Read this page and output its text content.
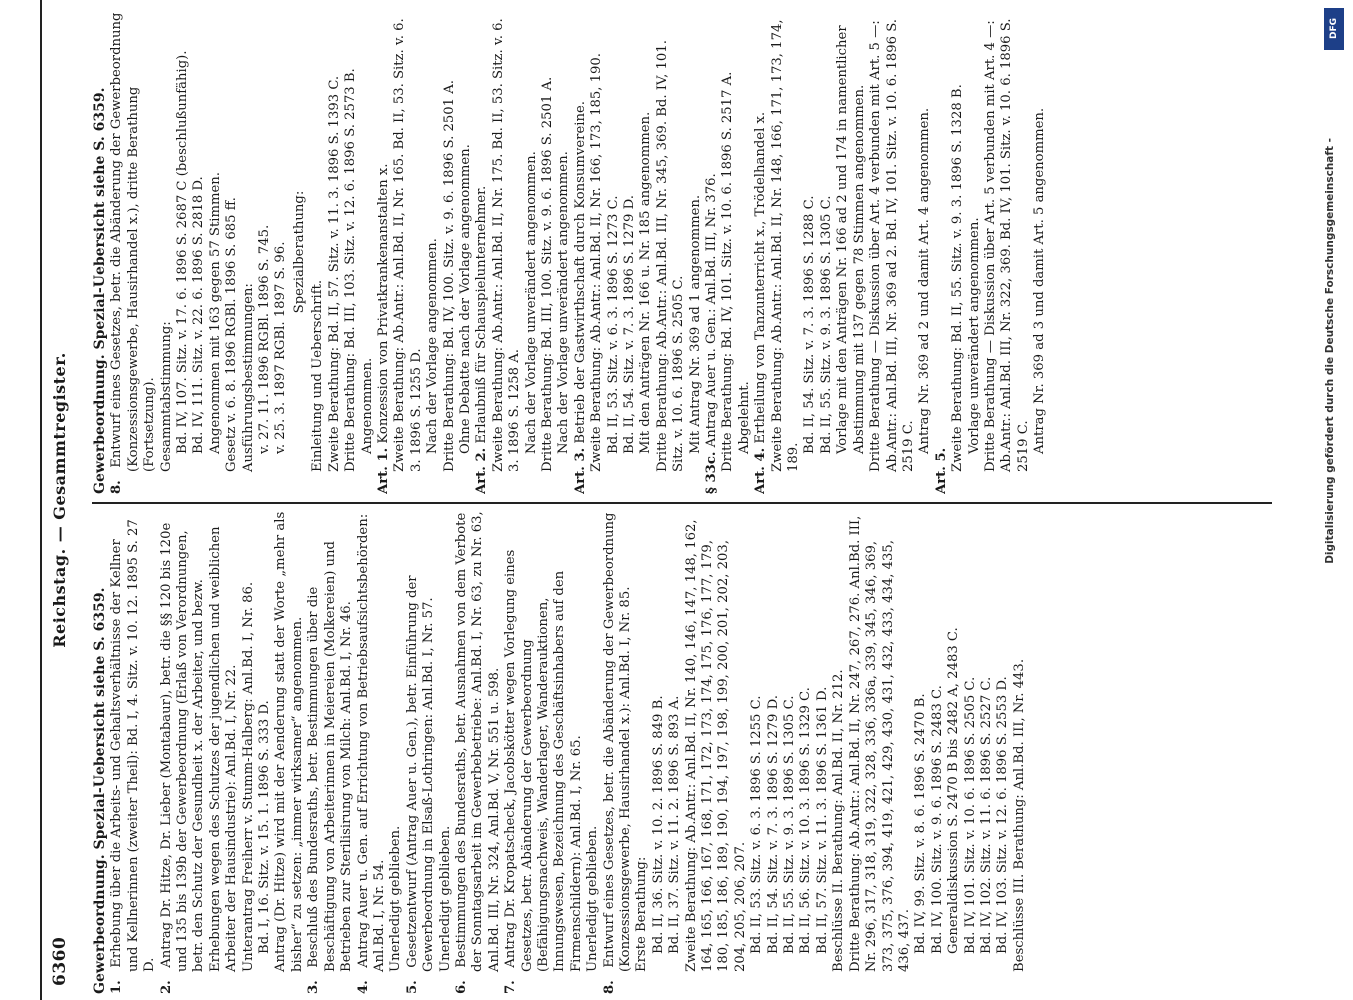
6360
Reichstag. — Gesammtregister.

Gewerbeordnung. Spezial-Uebersicht siehe S. 6359. 1. Erhebung über die Arbeits- und Gehaltsverhältnisse der Kellner und Kellnerinnen (zweiter Theil): Bd. I, 4. Sitz. v. 10. 12. 1895 S. 27 D.

2. Antrag Dr. Hitze, Dr. Lieber (Montabaur), betr. die §§ 120 bis 120e und 135 bis 139b der Gewerbeordnung (Erlaß von Verordnungen, betr. den Schutz der Gesundheit x. der Arbeiter, und bezw. Erhebungen wegen des Schutzes der jugendlichen und weiblichen Arbeiter der Hausindustrie): Anl.Bd. I, Nr. 22. Unterantrag Freiherr v. Stumm-Halberg: Anl.Bd. I, Nr. 86. Bd. I, 16. Sitz. v. 15. 1. 1896 S. 333 D. Antrag (Dr. Hitze) wird mit der Aenderung statt der Worte „mehr als bisher“ zu setzen: „immer wirksamer“ angenommen.

3. Beschluß des Bundesraths, betr. Bestimmungen über die Beschäftigung von Arbeiterinnen in Meiereien (Molkereien) und Betrieben zur Sterilisirung von Milch: Anl.Bd. I, Nr. 46.

4. Antrag Auer u. Gen. auf Errichtung von Betriebsaufsichtsbehörden: Anl.Bd. I, Nr. 54. Unerledigt geblieben.

5. Gesetzentwurf (Antrag Auer u. Gen.), betr. Einführung der Gewerbeordnung in Elsaß-Lothringen: Anl.Bd. I, Nr. 57. Unerledigt geblieben.

6. Bestimmungen des Bundesraths, betr. Ausnahmen von dem Verbote der Sonntagsarbeit im Gewerbebetriebe: Anl.Bd. I, Nr. 63, zu Nr. 63, Anl.Bd. III, Nr. 324, Anl.Bd. V, Nr. 551 u. 598.

7. Antrag Dr. Kropatscheck, Jacobskötter wegen Vorlegung eines Gesetzes, betr. Abänderung der Gewerbeordnung (Befähigungsnachweis, Wanderlager, Wanderauktionen, Innungswesen, Bezeichnung des Geschäftsinhabers auf den Firmenschildern): Anl.Bd. I, Nr. 65. Unerledigt geblieben.

8. Entwurf eines Gesetzes, betr. die Abänderung der Gewerbeordnung (Konzessionsgewerbe, Hausirhandel x.): Anl.Bd. I, Nr. 85. Erste Berathung: Bd. II, 36. Sitz. v. 10. 2. 1896 S. 849 B. Bd. II, 37. Sitz. v. 11. 2. 1896 S. 893 A. Zweite Berathung: Ab.Antr.: Anl.Bd. II, Nr. 140, 146, 147, 148, 162, 164, 165, 166, 167, 168, 171, 172, 173, 174, 175, 176, 177, 179, 180, 185, 186, 189, 190, 194, 197, 198, 199, 200, 201, 202, 203, 204, 205, 206, 207. Bd. II, 53. Sitz. v. 6. 3. 1896 S. 1255 C. Bd. II, 54. Sitz. v. 7. 3. 1896 S. 1279 D. Bd. II, 55. Sitz. v. 9. 3. 1896 S. 1305 C. Bd. II, 56. Sitz. v. 10. 3. 1896 S. 1329 C. Bd. II, 57. Sitz. v. 11. 3. 1896 S. 1361 D. Beschlüsse II. Berathung: Anl.Bd. II, Nr. 212. Dritte Berathung: Ab.Antr.: Anl.Bd. II, Nr. 247, 267, 276. Anl.Bd. III, Nr. 296, 317, 318, 319, 322, 328, 336, 336a, 339, 345, 346, 369, 373, 375, 376, 394, 419, 421, 429, 430, 431, 432, 433, 434, 435, 436, 437. Bd. IV, 99. Sitz. v. 8. 6. 1896 S. 2470 B. Bd. IV, 100. Sitz. v. 9. 6. 1896 S. 2483 C. Generaldiskussion S. 2470 B bis 2482 A, 2483 C. Bd. IV, 101. Sitz. v. 10. 6. 1896 S. 2505 C. Bd. IV, 102. Sitz. v. 11. 6. 1896 S. 2527 C. Bd. IV, 103. Sitz. v. 12. 6. 1896 S. 2553 D. Beschlüsse III. Berathung: Anl.Bd. III, Nr. 443.

Gewerbeordnung. Spezial-Uebersicht siehe S. 6359. 8. Entwurf eines Gesetzes, betr. die Abänderung der Gewerbeordnung (Konzessionsgewerbe, Hausirhandel x.), dritte Berathung (Fortsetzung). Gesammtabstimmung: Bd. IV, 107. Sitz. v. 17. 6. 1896 S. 2687 C (beschlußunfähig). Bd. IV, 111. Sitz. v. 22. 6. 1896 S. 2818 D. Angenommen mit 163 gegen 57 Stimmen. Gesetz v. 6. 8. 1896 RGBl. 1896 S. 685 ff. Ausführungsbestimmungen: v. 27. 11. 1896 RGBl. 1896 S. 745. v. 25. 3. 1897 RGBl. 1897 S. 96. Spezialberathung:

Einleitung und Ueberschrift. Zweite Berathung: Bd. II, 57. Sitz. v. 11. 3. 1896 S. 1393 C. Dritte Berathung: Bd. III, 103. Sitz. v. 12. 6. 1896 S. 2573 B. Angenommen.

Art. 1. Konzession von Privatkrankenanstalten x. Zweite Berathung: Ab.Antr.: Anl.Bd. II, Nr. 165. Bd. II, 53. Sitz. v. 6. 3. 1896 S. 1255 D. Nach der Vorlage angenommen. Dritte Berathung: Bd. IV, 100. Sitz. v. 9. 6. 1896 S. 2501 A. Ohne Debatte nach der Vorlage angenommen.

Art. 2. Erlaubniß für Schauspielunternehmer. Zweite Berathung: Ab.Antr.: Anl.Bd. II, Nr. 175. Bd. II, 53. Sitz. v. 6. 3. 1896 S. 1258 A. Nach der Vorlage unverändert angenommen. Dritte Berathung: Bd. III, 100. Sitz. v. 9. 6. 1896 S. 2501 A. Nach der Vorlage unverändert angenommen.

Art. 3. Betrieb der Gastwirthschaft durch Konsumvereine. Zweite Berathung: Ab.Antr.: Anl.Bd. II, Nr. 166, 173, 185, 190. Bd. II, 53. Sitz. v. 6. 3. 1896 S. 1273 C. Bd. II, 54. Sitz. v. 7. 3. 1896 S. 1279 D. Mit den Anträgen Nr. 166 u. Nr. 185 angenommen. Dritte Berathung: Ab.Antr.: Anl.Bd. III, Nr. 345, 369. Bd. IV, 101. Sitz. v. 10. 6. 1896 S. 2505 C. Mit Antrag Nr. 369 ad 1 angenommen.

§ 33c. Antrag Auer u. Gen.: Anl.Bd. III, Nr. 376. Dritte Berathung: Bd. IV, 101. Sitz. v. 10. 6. 1896 S. 2517 A. Abgelehnt.

Art. 4. Ertheilung von Tanzunterricht x., Trödelhandel x. Zweite Berathung: Ab.Antr.: Anl.Bd. II, Nr. 148, 166, 171, 173, 174, 189.

Bd. II, 54. Sitz. v. 7. 3. 1896 S. 1288 C. Bd. II, 55. Sitz. v. 9. 3. 1896 S. 1305 C. Vorlage mit den Anträgen Nr. 166 ad 2 und 174 in namentlicher Abstimmung mit 137 gegen 78 Stimmen angenommen. Dritte Berathung — Diskussion über Art. 4 verbunden mit Art. 5 —: Ab.Antr.: Anl.Bd. III, Nr. 369 ad 2. Bd. IV, 101. Sitz. v. 10. 6. 1896 S. 2519 C. Antrag Nr. 369 ad 2 und damit Art. 4 angenommen.

Art. 5. Zweite Berathung: Bd. II, 55. Sitz. v. 9. 3. 1896 S. 1328 B. Vorlage unverändert angenommen. Dritte Berathung — Diskussion über Art. 5 verbunden mit Art. 4 —: Ab.Antr.: Anl.Bd. III, Nr. 322, 369. Bd. IV, 101. Sitz. v. 10. 6. 1896 S. 2519 C. Antrag Nr. 369 ad 3 und damit Art. 5 angenommen.

DFG
Digitalisierung gefördert durch die Deutsche Forschungsgemeinschaft -
